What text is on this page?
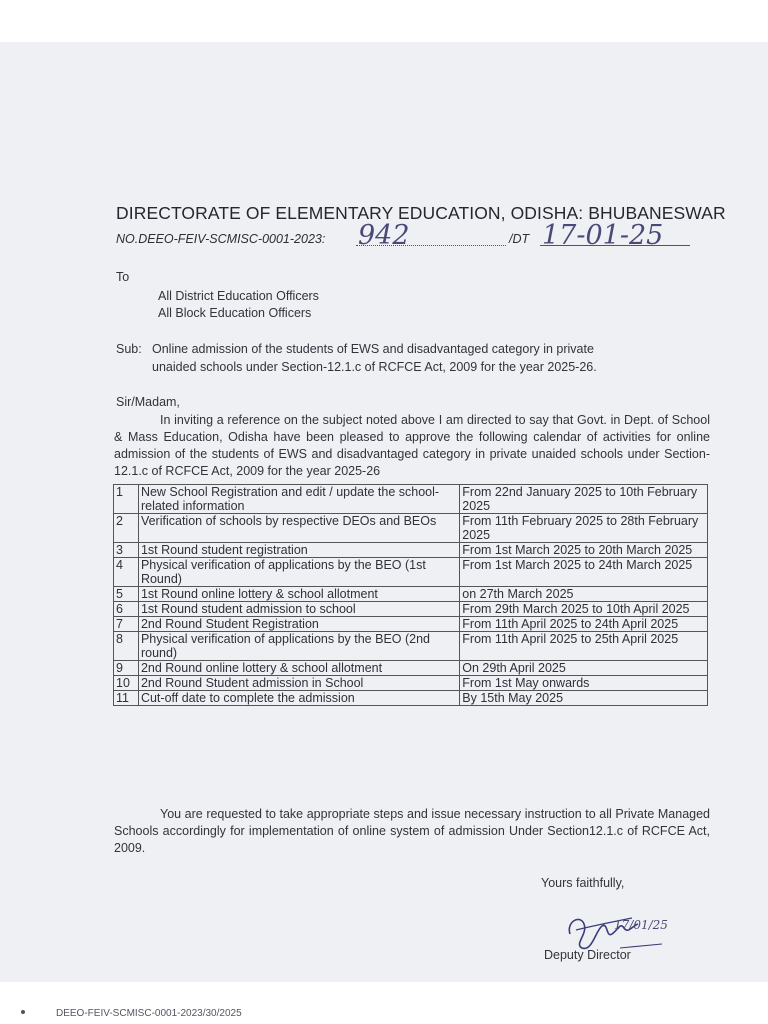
DIRECTORATE OF ELEMENTARY EDUCATION, ODISHA: BHUBANESWAR
NO.DEEO-FEIV-SCMISC-0001-2023: 942	/DT 17-01-25
To
All District Education Officers
All Block Education Officers
Sub: Online admission of the students of EWS and disadvantaged category in private
unaided schools under Section-12.1.c of RCFCE Act, 2009 for the year 2025-26.
Sir/Madam,

In inviting a reference on the subject noted above I am directed to say that Govt. in Dept. of School & Mass Education, Odisha have been pleased to approve the following calendar of activities for online admission of the students of EWS and disadvantaged category in private unaided schools under Section-12.1.c of RCFCE Act, 2009 for the year 2025-26

1	New School Registration and edit / update the school-related information	From 22nd January 2025 to 10th February 2025
2	Verification of schools by respective DEOs and BEOs	From 11th February 2025 to 28th February 2025
3	1st Round student registration	From 1st March 2025 to 20th March 2025
4	Physical verification of applications by the BEO (1st Round)	From 1st March 2025 to 24th March 2025
5	1st Round online lottery & school allotment	on 27th March 2025
6	1st Round student admission to school	From 29th March 2025 to 10th April 2025
7	2nd Round Student Registration	From 11th April 2025 to 24th April 2025
8	Physical verification of applications by the BEO (2nd round)	From 11th April 2025 to 25th April 2025
9	2nd Round online lottery & school allotment	On 29th April 2025
10	2nd Round Student admission in School	From 1st May onwards
11	Cut-off date to complete the admission	By 15th May 2025

You are requested to take appropriate steps and issue necessary instruction to all Private Managed Schools accordingly for implementation of online system of admission Under Section12.1.c of RCFCE Act, 2009.

Yours faithfully,
17/01/25
Deputy Director
DEEO-FEIV-SCMISC-0001-2023/30/2025
